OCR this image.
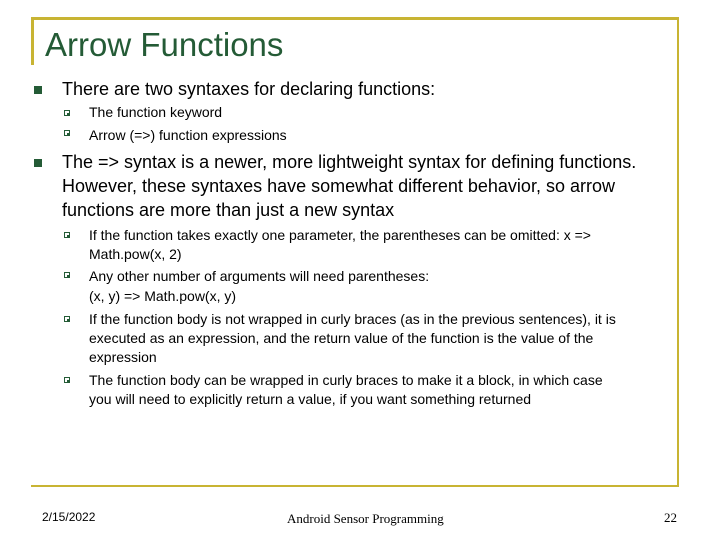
Arrow Functions
There are two syntaxes for declaring functions:
The function keyword
Arrow (=>) function expressions
The => syntax is a newer, more lightweight syntax for defining functions.
However, these syntaxes have somewhat different behavior, so arrow
functions are more than just a new syntax
If the function takes exactly one parameter, the parentheses can be omitted: x =>
Math.pow(x, 2)
Any other number of arguments will need parentheses:
(x, y) => Math.pow(x, y)
If the function body is not wrapped in curly braces (as in the previous sentences), it is
executed as an expression, and the return value of the function is the value of the
expression
The function body can be wrapped in curly braces to make it a block, in which case
you will need to explicitly return a value, if you want something returned
2/15/2022	Android Sensor Programming	22
